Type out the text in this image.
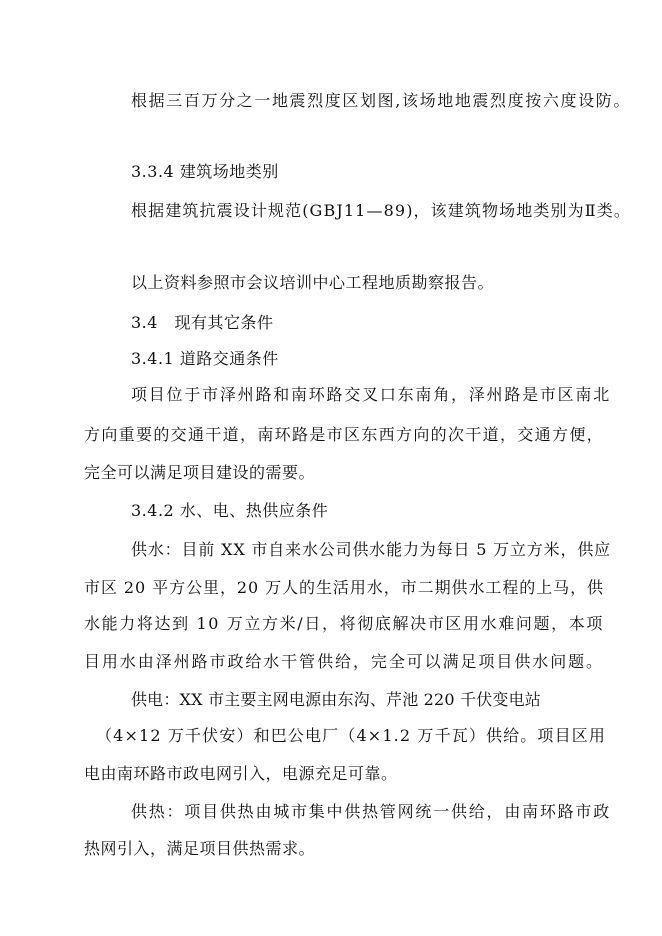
根据三百万分之一地震烈度区划图,该场地地震烈度按六度设防。
3.3.4 建筑场地类别
根据建筑抗震设计规范(GBJ11—89)，该建筑物场地类别为Ⅱ类。
以上资料参照市会议培训中心工程地质勘察报告。
3.4　现有其它条件
3.4.1 道路交通条件
项目位于市泽州路和南环路交叉口东南角，泽州路是市区南北
方向重要的交通干道，南环路是市区东西方向的次干道，交通方便，
完全可以满足项目建设的需要。
3.4.2 水、电、热供应条件
供水：目前 XX 市自来水公司供水能力为每日 5 万立方米，供应
市区 20 平方公里，20 万人的生活用水，市二期供水工程的上马，供
水能力将达到 10 万立方米/日，将彻底解决市区用水难问题，本项
目用水由泽州路市政给水干管供给，完全可以满足项目供水问题。
供电：XX 市主要主网电源由东沟、芹池 220 千伏变电站
（4×12 万千伏安）和巴公电厂（4×1.2 万千瓦）供给。项目区用
电由南环路市政电网引入，电源充足可靠。
供热：项目供热由城市集中供热管网统一供给，由南环路市政
热网引入，满足项目供热需求。
